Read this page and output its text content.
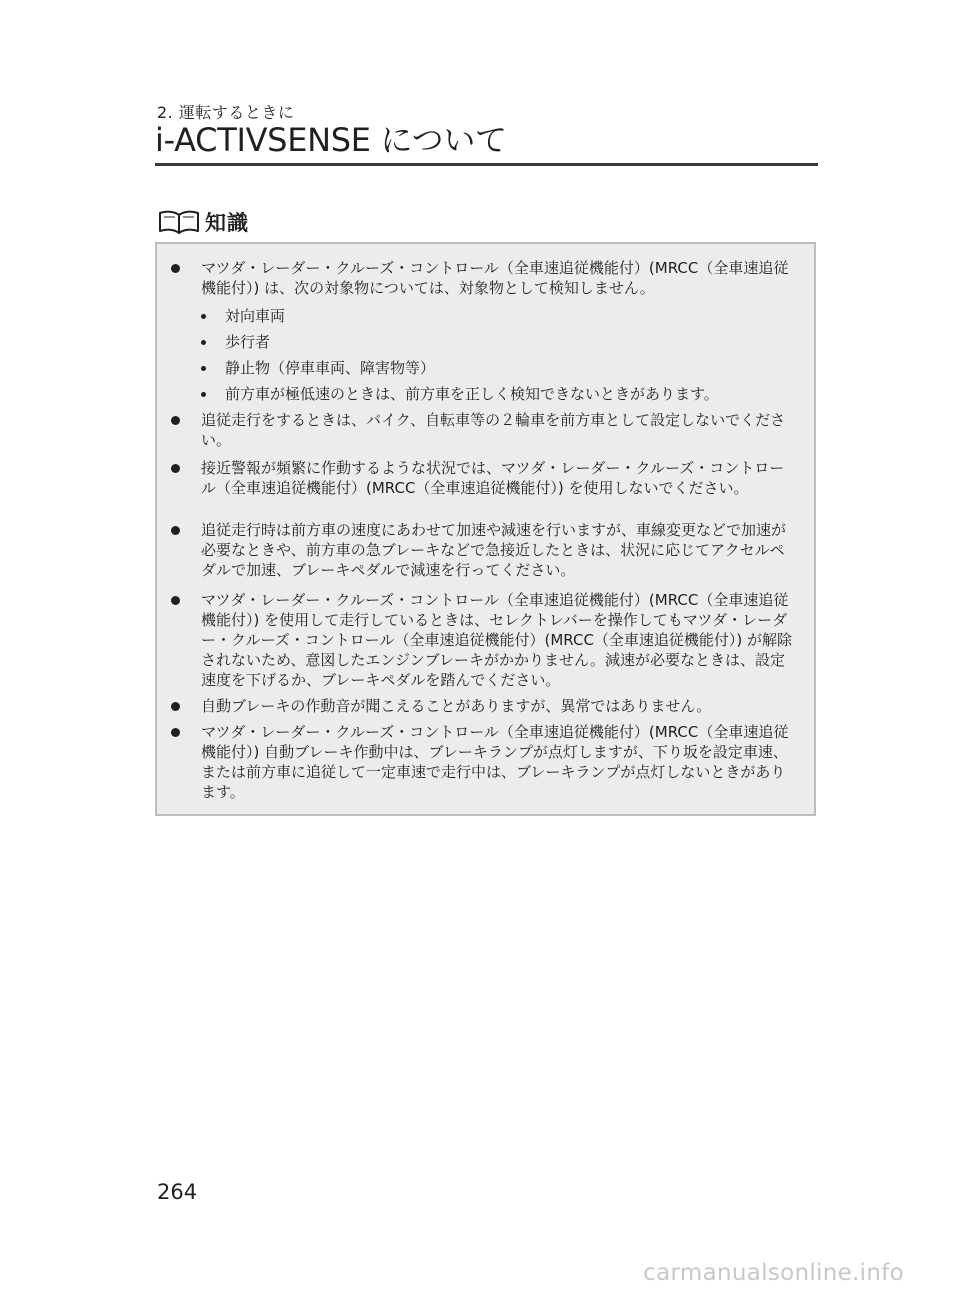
2. 運転するときに
i-ACTIVSENSE について
知識
マツダ・レーダー・クルーズ・コントロール（全車速追従機能付）(MRCC（全車速追従機能付）) は、次の対象物については、対象物として検知しません。
対向車両
歩行者
静止物（停車車両、障害物等）
前方車が極低速のときは、前方車を正しく検知できないときがあります。
追従走行をするときは、バイク、自転車等の２輪車を前方車として設定しないでください。
接近警報が頻繁に作動するような状況では、マツダ・レーダー・クルーズ・コントロール（全車速追従機能付）(MRCC（全車速追従機能付）) を使用しないでください。
追従走行時は前方車の速度にあわせて加速や減速を行いますが、車線変更などで加速が必要なときや、前方車の急ブレーキなどで急接近したときは、状況に応じてアクセルペダルで加速、ブレーキペダルで減速を行ってください。
マツダ・レーダー・クルーズ・コントロール（全車速追従機能付）(MRCC（全車速追従機能付）) を使用して走行しているときは、セレクトレバーを操作してもマツダ・レーダー・クルーズ・コントロール（全車速追従機能付）(MRCC（全車速追従機能付）) が解除されないため、意図したエンジンブレーキがかかりません。減速が必要なときは、設定速度を下げるか、ブレーキペダルを踏んでください。
自動ブレーキの作動音が聞こえることがありますが、異常ではありません。
マツダ・レーダー・クルーズ・コントロール（全車速追従機能付）(MRCC（全車速追従機能付）) 自動ブレーキ作動中は、ブレーキランプが点灯しますが、下り坂を設定車速、または前方車に追従して一定車速で走行中は、ブレーキランプが点灯しないときがあります。
264
carmanualsonline.info
